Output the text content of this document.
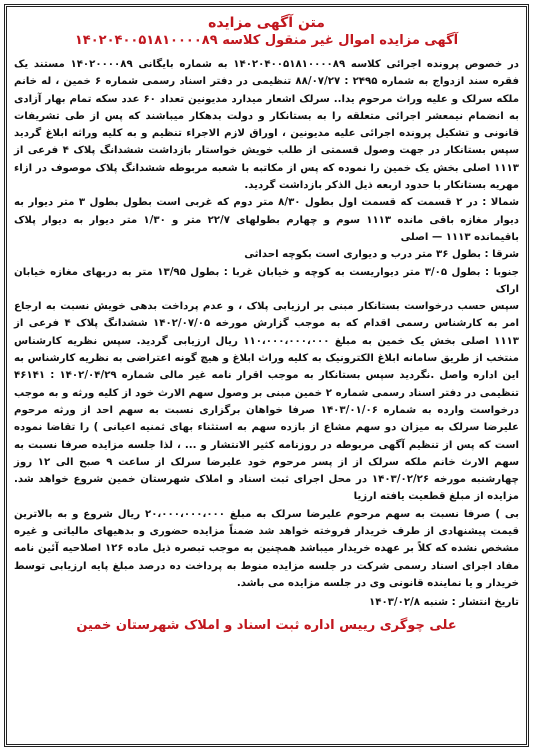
متن آگهی مزایده
آگهی مزایده اموال غیر منقول کلاسه ۱۴۰۲۰۴۰۰۵۱۸۱۰۰۰۰۸۹

در خصوص پرونده اجرائی کلاسه ۱۴۰۲۰۴۰۰۵۱۸۱۰۰۰۰۸۹ به شماره بایگانی ۱۴۰۲۰۰۰۰۸۹ مستند یک فقره سند ازدواج به شماره ۲۴۹۵ : ۸۸/۰۷/۲۷ تنظیمی در دفتر اسناد رسمی شماره ۶ خمین ، له خانم ملکه سرلک و علیه وراث مرحوم یدا.. سرلک اشعار میدارد مدیونین تعداد ۶۰ عدد سکه تمام بهار آزادی به انضمام نیمعشر اجرائی متعلقه را به بستانکار و دولت بدهکار میباشند که پس از طی تشریفات قانونی و تشکیل پرونده اجرائی علیه مدیونین ، اوراق لازم الاجراء تنظیم و به کلیه وراثه ابلاغ گردید سپس بستانکار در جهت وصول قسمتی از طلب خویش خواستار بازداشت ششدانگ پلاک ۴ فرعی از ۱۱۱۳ اصلی بخش یک خمین را نموده که پس از مکاتبه با شعبه مربوطه ششدانگ پلاک موصوف در ازاء مهریه بستانکار با حدود اربعه ذیل الذکر بازداشت گردید.

شمالا : در ۲ قسمت که قسمت اول بطول ۸/۳۰ متر دوم که غربی است بطول بطول ۳ متر دیوار به دیوار مغازه باقی مانده ۱۱۱۳ سوم و چهارم بطولهای ۲۲/۷ متر و ۱/۳۰ متر دیوار به دیوار پلاک باقیمانده ۱۱۱۳ — اصلی

شرقا : بطول ۳۶ متر درب و دیواری است بکوچه احداثی

جنوبا : بطول ۳/۰۵ متر دیواریست به کوچه و خیابان غربا : بطول ۱۳/۹۵ متر به دربهای مغازه خیابان اراک

سپس حسب درخواست بستانکار مبنی بر ارزیابی پلاک ، و عدم پرداخت بدهی خویش نسبت به ارجاع امر به کارشناس رسمی اقدام که به موجب گزارش مورخه ۱۴۰۲/۰۷/۰۵ ششدانگ پلاک ۴ فرعی از ۱۱۱۳ اصلی بخش یک خمین به مبلغ ۱۱۰،۰۰۰،۰۰۰،۰۰۰ ریال ارزیابی گردید. سپس نظریه کارشناس منتخب از طریق سامانه ابلاغ الکترونیک به کلیه وراث ابلاغ و هیچ گونه اعتراضی به نظریه کارشناس به این اداره واصل .نگردید سپس بستانکار به موجب اقرار نامه غیر مالی شماره ۱۴۰۲/۰۴/۲۹ : ۴۶۱۴۱ تنظیمی در دفتر اسناد رسمی شماره ۲ خمین مبنی بر وصول سهم الارث خود از کلیه ورثه و به موجب درخواست وارده به شماره ۱۴۰۳/۰۱/۰۶ صرفا خواهان برگزاری نسبت به سهم احد از ورثه مرحوم علیرضا سرلک به میزان دو سهم مشاع از بازده سهم به استثناء بهای ثمنیه اعیانی ) را تقاضا نموده است که پس از تنظیم آگهی مربوطه در روزنامه کثیر الانتشار و ... ، لذا جلسه مزایده صرفا نسبت به سهم الارث خانم ملکه سرلک از از پسر مرحوم خود علیرضا سرلک از ساعت ۹ صبح الی ۱۲ روز چهارشنبه مورخه ۱۴۰۳/۰۲/۲۶ در محل اجرای ثبت اسناد و املاک شهرستان خمین شروع خواهد شد. مزایده از مبلغ قطعیت یافته ارزیا

بی ) صرفا نسبت به سهم مرحوم علیرضا سرلک به مبلغ ۲۰،۰۰۰،۰۰۰،۰۰۰ ریال شروع و به بالاترین قیمت پیشنهادی از طرف خریدار فروخته خواهد شد ضمناً مزایده حضوری و بدهیهای مالیاتی و غیره مشخص نشده که کلاً بر عهده خریدار میباشد همچنین به موجب تبصره ذیل ماده ۱۲۶ اصلاحیه آئین نامه مفاد اجرای اسناد رسمی شرکت در جلسه مزایده منوط به پرداخت ده درصد مبلغ پایه ارزیابی توسط خریدار و یا نماینده قانونی وی در جلسه مزایده می باشد.

تاریخ انتشار : شنبه ۱۴۰۳/۰۲/۸

علی چوگری رییس اداره ثبت اسناد و املاک شهرستان خمین
